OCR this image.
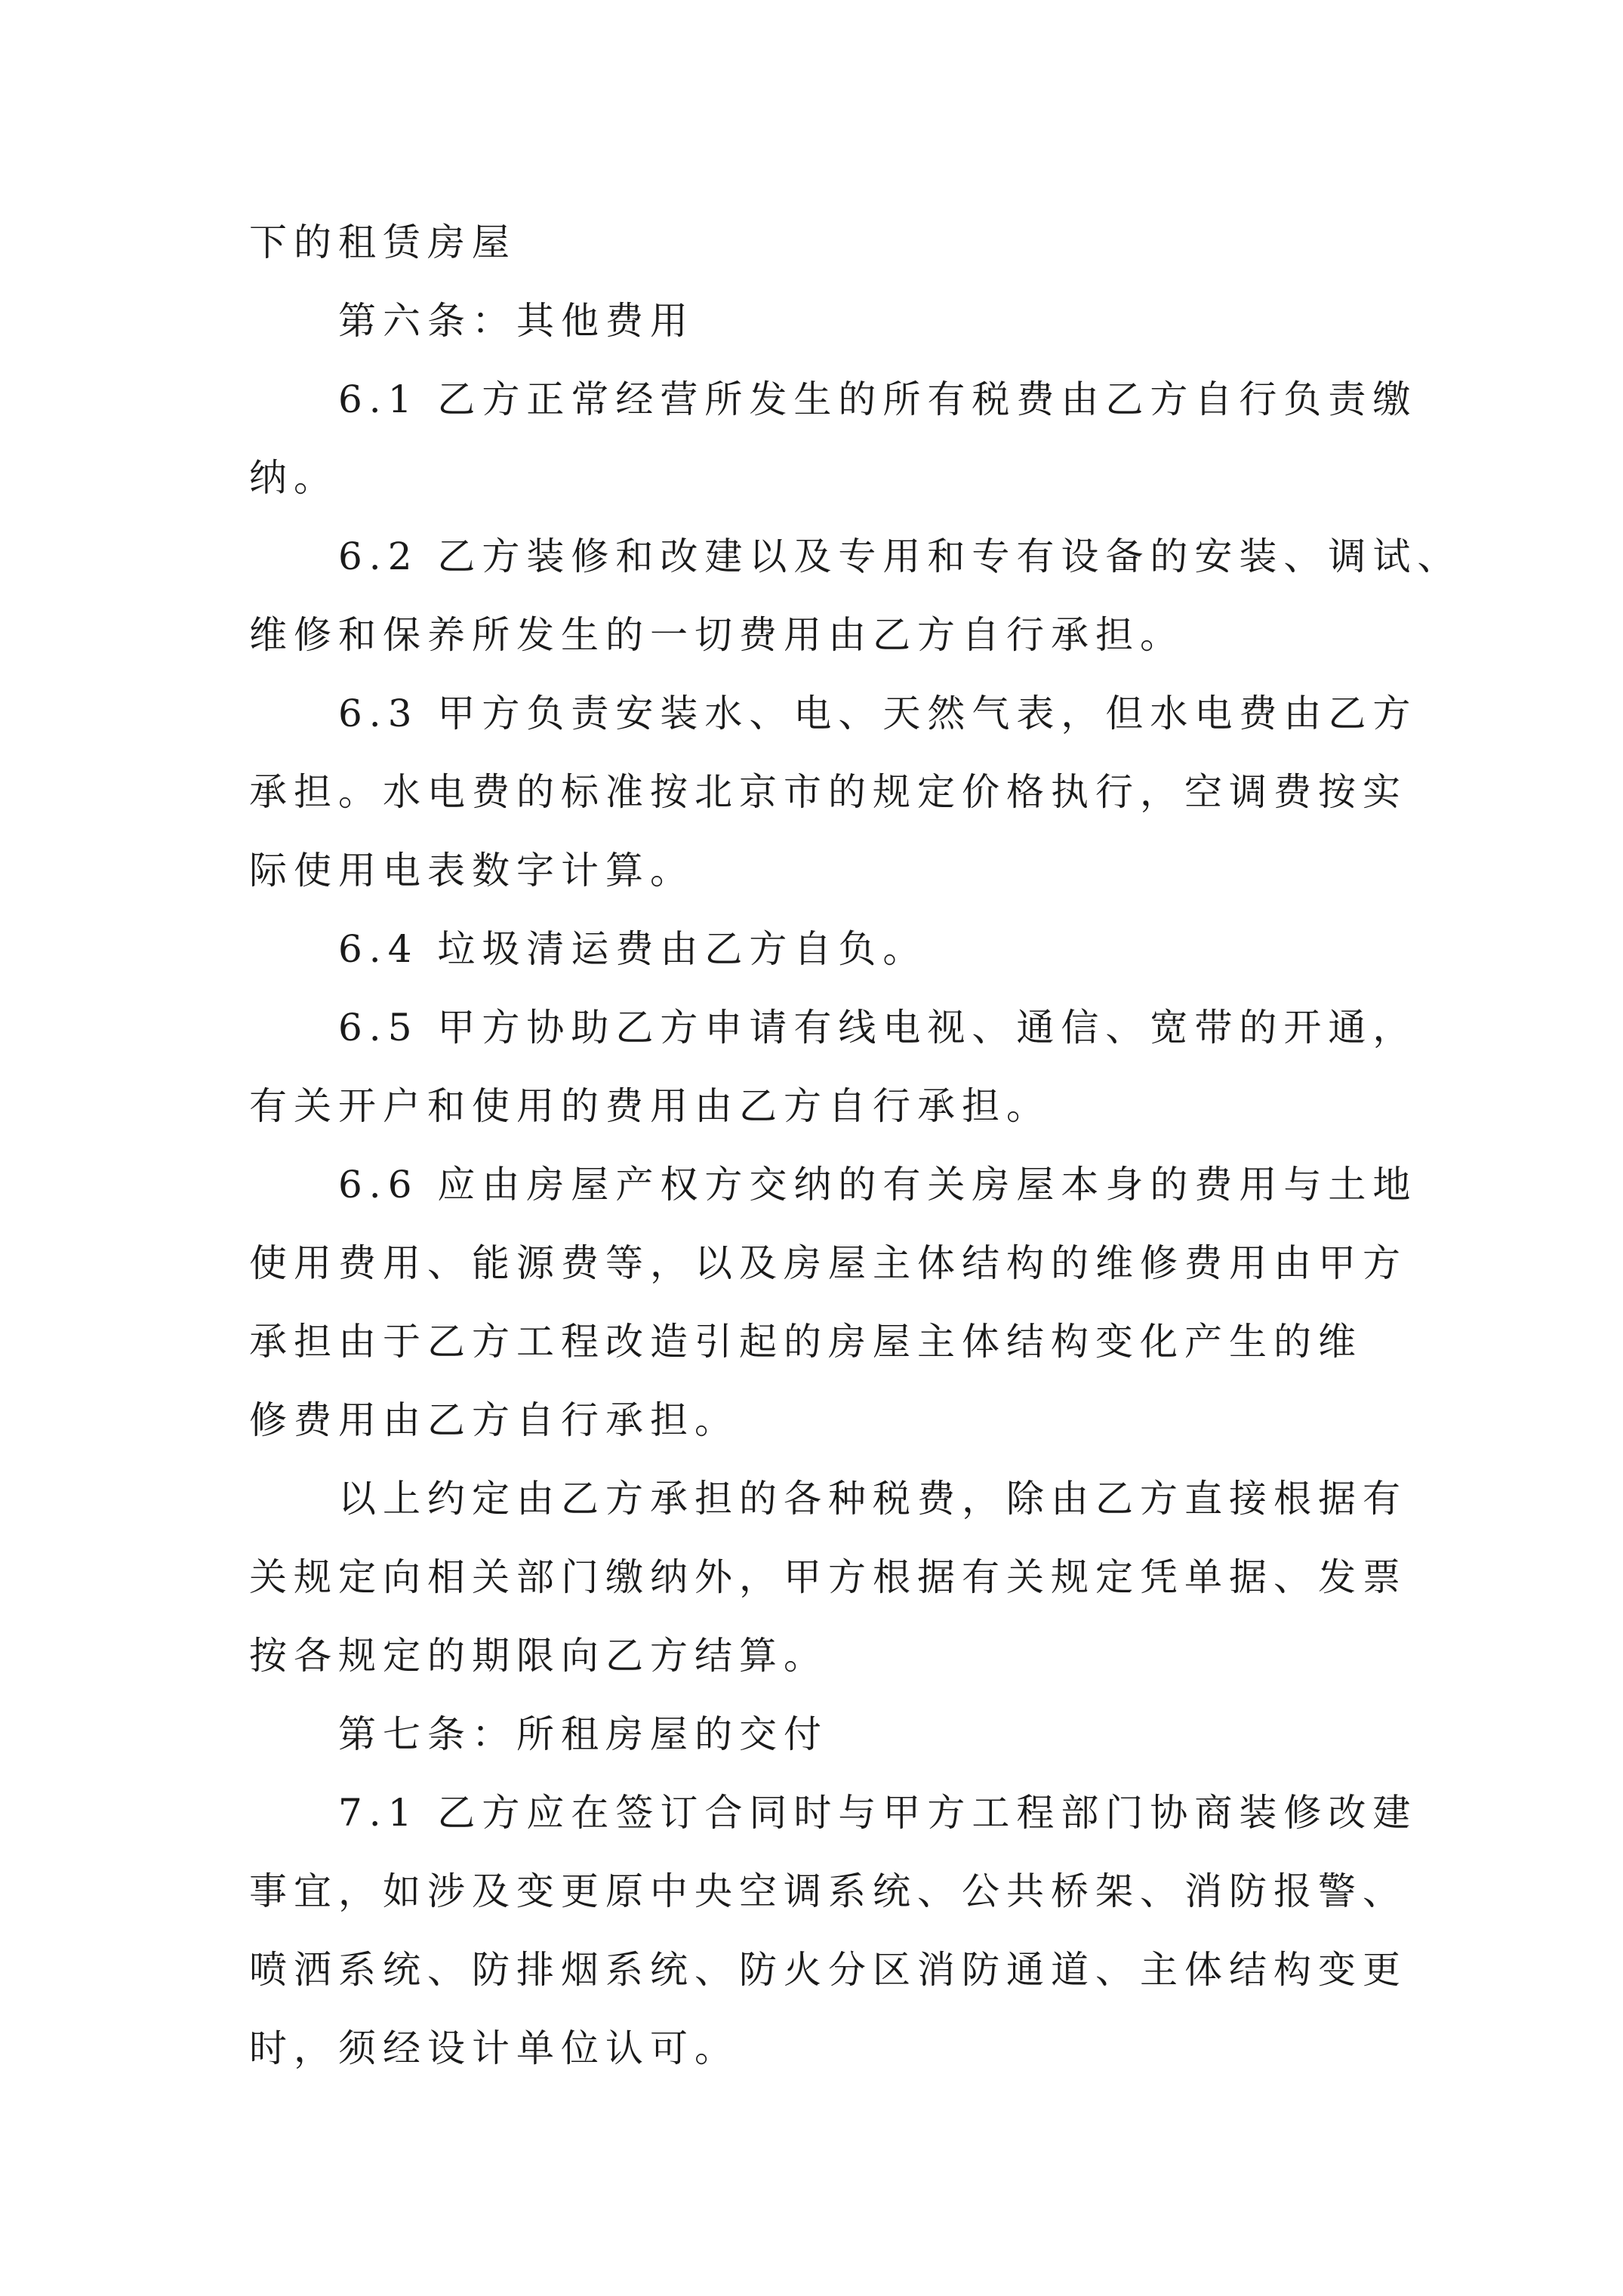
下的租赁房屋
第六条：其他费用
6.1 乙方正常经营所发生的所有税费由乙方自行负责缴
纳。
6.2 乙方装修和改建以及专用和专有设备的安装、调试、
维修和保养所发生的一切费用由乙方自行承担。
6.3 甲方负责安装水、电、天然气表，但水电费由乙方
承担。水电费的标准按北京市的规定价格执行，空调费按实
际使用电表数字计算。
6.4 垃圾清运费由乙方自负。
6.5 甲方协助乙方申请有线电视、通信、宽带的开通，
有关开户和使用的费用由乙方自行承担。
6.6 应由房屋产权方交纳的有关房屋本身的费用与土地
使用费用、能源费等，以及房屋主体结构的维修费用由甲方
承担由于乙方工程改造引起的房屋主体结构变化产生的维
修费用由乙方自行承担。
以上约定由乙方承担的各种税费，除由乙方直接根据有
关规定向相关部门缴纳外，甲方根据有关规定凭单据、发票
按各规定的期限向乙方结算。
第七条：所租房屋的交付
7.1 乙方应在签订合同时与甲方工程部门协商装修改建
事宜，如涉及变更原中央空调系统、公共桥架、消防报警、
喷洒系统、防排烟系统、防火分区消防通道、主体结构变更
时，须经设计单位认可。
